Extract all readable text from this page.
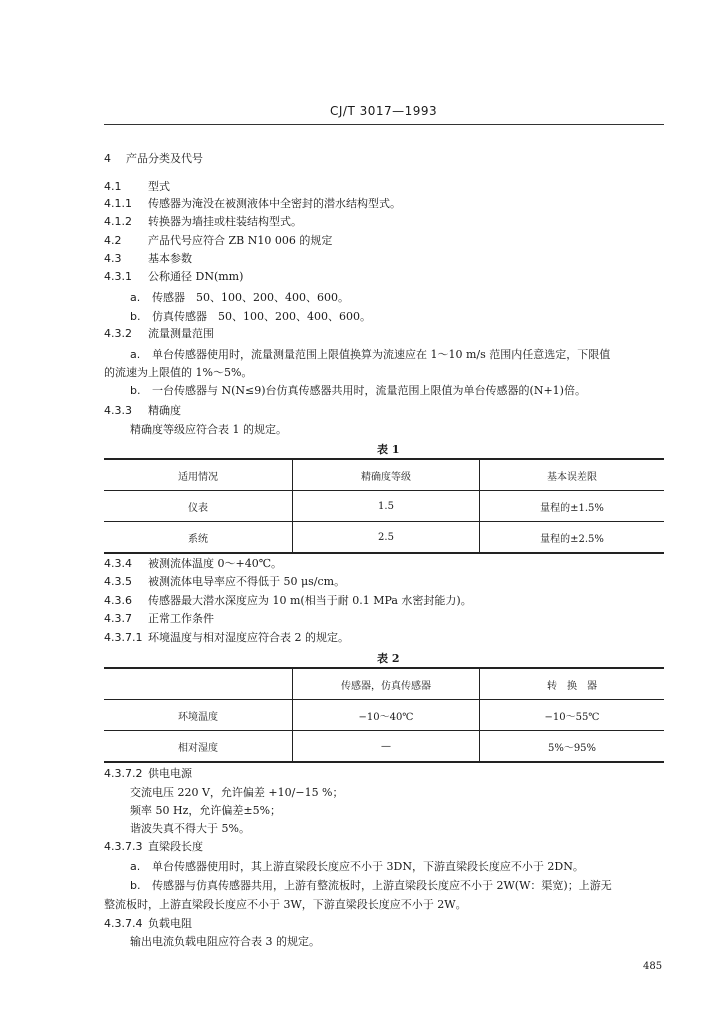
CJ/T 3017—1993
4 产品分类及代号
4.1 型式
4.1.1 传感器为淹没在被测液体中全密封的潜水结构型式。
4.1.2 转换器为墙挂或柱装结构型式。
4.2 产品代号应符合 ZB N10 006 的规定
4.3 基本参数
4.3.1 公称通径 DN(mm)
a. 传感器　50、100、200、400、600。
b. 仿真传感器　50、100、200、400、600。
4.3.2 流量测量范围
a. 单台传感器使用时，流量测量范围上限值换算为流速应在 1～10 m/s 范围内任意选定，下限值
的流速为上限值的 1%～5%。
b. 一台传感器与 N(N≤9)台仿真传感器共用时，流量范围上限值为单台传感器的(N+1)倍。
4.3.3 精确度
精确度等级应符合表 1 的规定。
4.3.4 被测流体温度 0～+40℃。
4.3.5 被测流体电导率应不得低于 50 μs/cm。
4.3.6 传感器最大潜水深度应为 10 m(相当于耐 0.1 MPa 水密封能力)。
4.3.7 正常工作条件
4.3.7.1 环境温度与相对湿度应符合表 2 的规定。
4.3.7.2 供电电源
交流电压 220 V，允许偏差 +10/−15 %；
频率 50 Hz，允许偏差±5%；
谐波失真不得大于 5%。
4.3.7.3 直梁段长度
a. 单台传感器使用时，其上游直梁段长度应不小于 3DN，下游直梁段长度应不小于 2DN。
b. 传感器与仿真传感器共用，上游有整流板时，上游直梁段长度应不小于 2W(W：渠宽)；上游无
整流板时，上游直梁段长度应不小于 3W，下游直梁段长度应不小于 2W。
4.3.7.4 负载电阻
输出电流负载电阻应符合表 3 的规定。
表 1
适用情况	精确度等级	基本误差限
仪表	1.5	量程的±1.5%
系统	2.5	量程的±2.5%
表 2
	传感器，仿真传感器	转　换　器
环境温度	−10～40℃	−10～55℃
相对湿度	—	5%～95%
485
